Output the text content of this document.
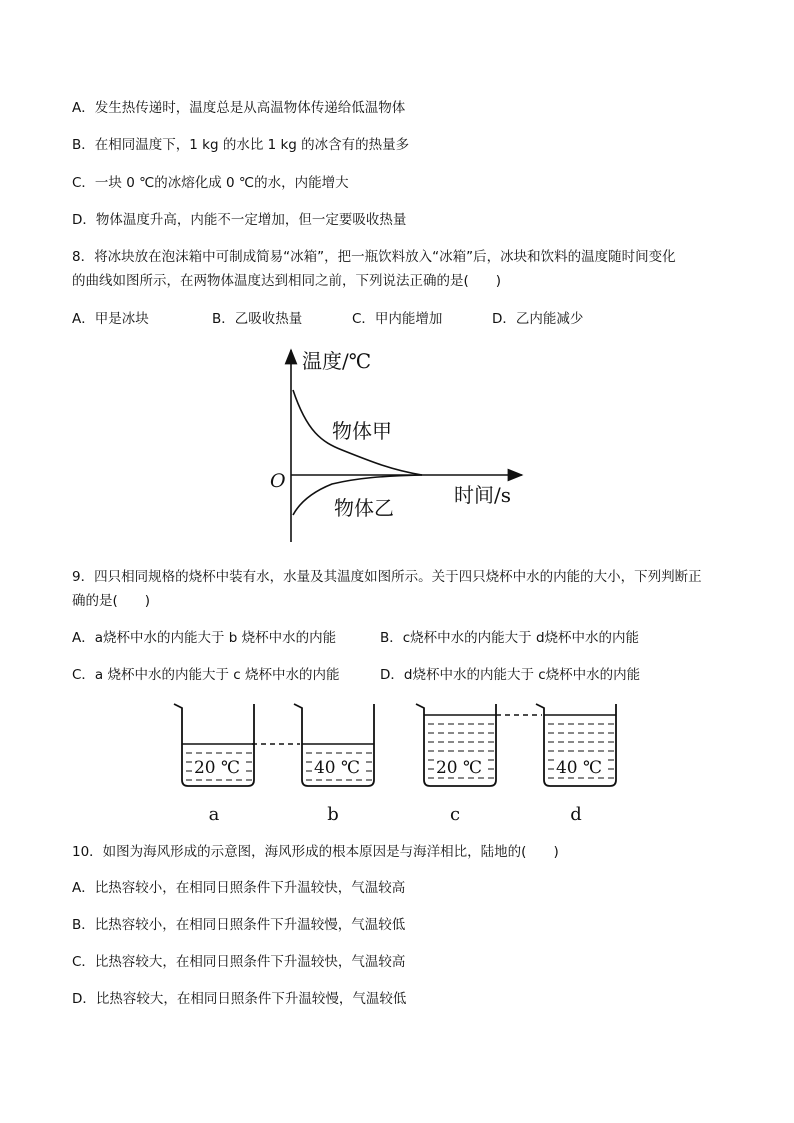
A．发生热传递时，温度总是从高温物体传递给低温物体
B．在相同温度下，1 kg 的水比 1 kg 的冰含有的热量多
C．一块 0 ℃的冰熔化成 0 ℃的水，内能增大
D．物体温度升高，内能不一定增加，但一定要吸收热量
8．将冰块放在泡沫箱中可制成简易“冰箱”，把一瓶饮料放入“冰箱”后，冰块和饮料的温度随时间变化
的曲线如图所示，在两物体温度达到相同之前，下列说法正确的是(　　)
A．甲是冰块	B．乙吸收热量	C．甲内能增加	D．乙内能减少
温度/℃
O
物体甲
物体乙
时间/s
9．四只相同规格的烧杯中装有水，水量及其温度如图所示。关于四只烧杯中水的内能的大小，下列判断正
确的是(　　)
A．a烧杯中水的内能大于 b 烧杯中水的内能	B．c烧杯中水的内能大于 d烧杯中水的内能
C．a 烧杯中水的内能大于 c 烧杯中水的内能	D．d烧杯中水的内能大于 c烧杯中水的内能
20 ℃
a
40 ℃
b
20 ℃
c
40 ℃
d
10．如图为海风形成的示意图，海风形成的根本原因是与海洋相比，陆地的(　　)
A．比热容较小，在相同日照条件下升温较快，气温较高
B．比热容较小，在相同日照条件下升温较慢，气温较低
C．比热容较大，在相同日照条件下升温较快，气温较高
D．比热容较大，在相同日照条件下升温较慢，气温较低
